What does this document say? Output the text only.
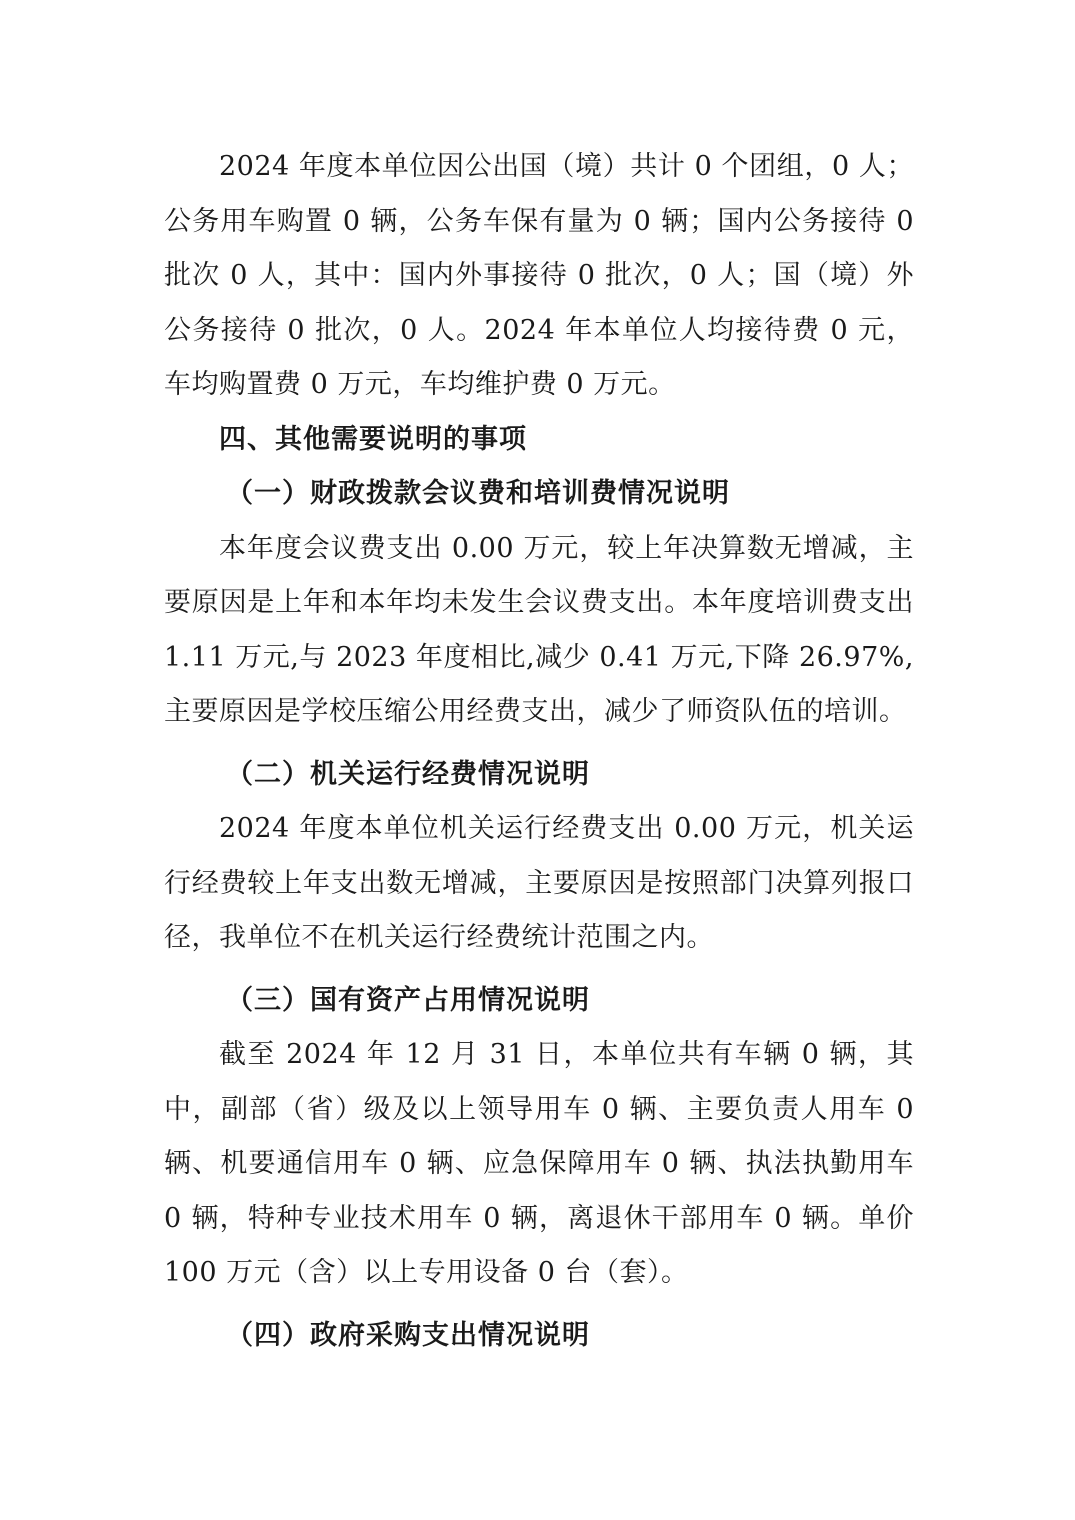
2024 年度本单位因公出国（境）共计 0 个团组，0 人；公务用车购置 0 辆，公务车保有量为 0 辆；国内公务接待 0 批次 0 人，其中：国内外事接待 0 批次，0 人；国（境）外公务接待 0 批次，0 人。2024 年本单位人均接待费 0 元，车均购置费 0 万元，车均维护费 0 万元。

四、其他需要说明的事项

（一）财政拨款会议费和培训费情况说明

本年度会议费支出 0.00 万元，较上年决算数无增减，主要原因是上年和本年均未发生会议费支出。本年度培训费支出 1.11 万元,与 2023 年度相比,减少 0.41 万元,下降 26.97%,主要原因是学校压缩公用经费支出，减少了师资队伍的培训。

（二）机关运行经费情况说明

2024 年度本单位机关运行经费支出 0.00 万元，机关运行经费较上年支出数无增减，主要原因是按照部门决算列报口径，我单位不在机关运行经费统计范围之内。

（三）国有资产占用情况说明

截至 2024 年 12 月 31 日，本单位共有车辆 0 辆，其中，副部（省）级及以上领导用车 0 辆、主要负责人用车 0 辆、机要通信用车 0 辆、应急保障用车 0 辆、执法执勤用车 0 辆，特种专业技术用车 0 辆，离退休干部用车 0 辆。单价 100 万元（含）以上专用设备 0 台（套）。

（四）政府采购支出情况说明
